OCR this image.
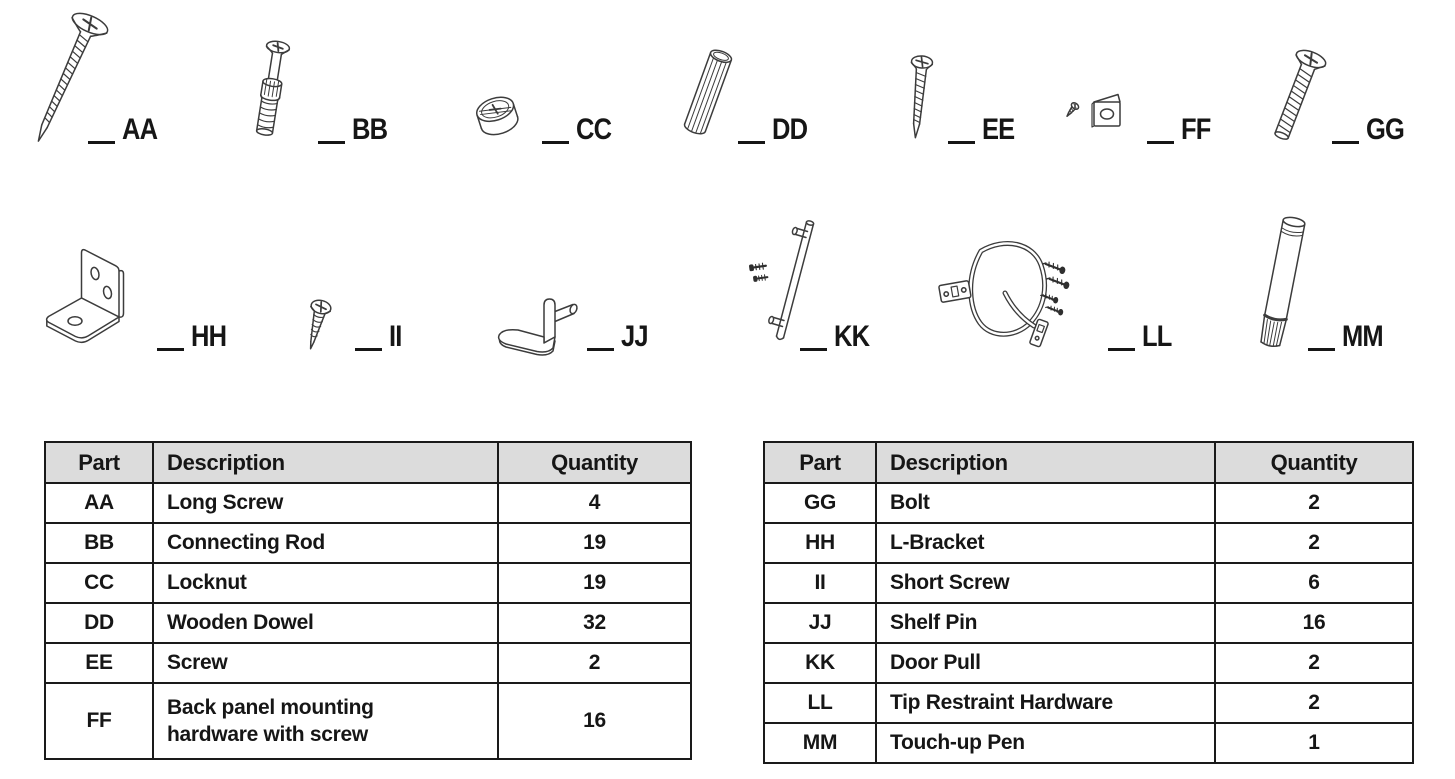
AA	BB	CC	DD	EE	FF	GG
HH	II	JJ	KK	LL	MM
Part	Description	Quantity
AA	Long Screw	4
BB	Connecting Rod	19
CC	Locknut	19
DD	Wooden Dowel	32
EE	Screw	2
FF	Back panel mounting hardware with screw	16
Part	Description	Quantity
GG	Bolt	2
HH	L-Bracket	2
II	Short Screw	6
JJ	Shelf Pin	16
KK	Door Pull	2
LL	Tip Restraint Hardware	2
MM	Touch-up Pen	1
